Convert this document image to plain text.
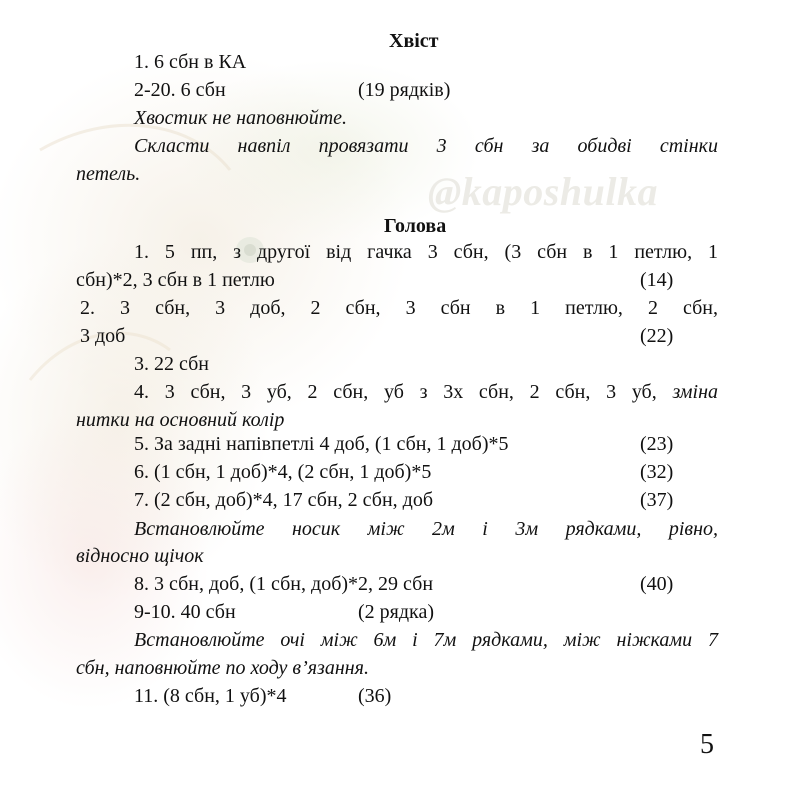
@kaposhulka
Хвіст
1. 6 сбн в КА
2-20. 6 сбн	(19 рядків)
Хвостик не наповнюйте.
Скласти навпіл провязати 3 сбн за обидві стінки
петель.
Голова
1. 5 пп, з другої від гачка 3 сбн, (3 сбн в 1 петлю, 1
сбн)*2, 3 сбн в 1 петлю	(14)
2. 3 сбн, 3 доб, 2 сбн, 3 сбн в 1 петлю, 2 сбн,
3 доб	(22)
3. 22 сбн
4. 3 сбн, 3 уб, 2 сбн, уб з 3х сбн, 2 сбн, 3 уб, зміна
нитки на основний колір
5. За задні напівпетлі 4 доб, (1 сбн, 1 доб)*5	(23)
6. (1 сбн, 1 доб)*4, (2 сбн, 1 доб)*5	(32)
7. (2 сбн, доб)*4, 17 сбн, 2 сбн, доб	(37)
Встановлюйте носик між 2м і 3м рядками, рівно,
відносно щічок
8. 3 сбн, доб, (1 сбн, доб)*2, 29 сбн	(40)
9-10. 40 сбн	(2 рядка)
Встановлюйте очі між 6м і 7м рядками, між ніжками 7
сбн, наповнюйте по ходу в’язання.
11. (8 сбн, 1 уб)*4	(36)
5
